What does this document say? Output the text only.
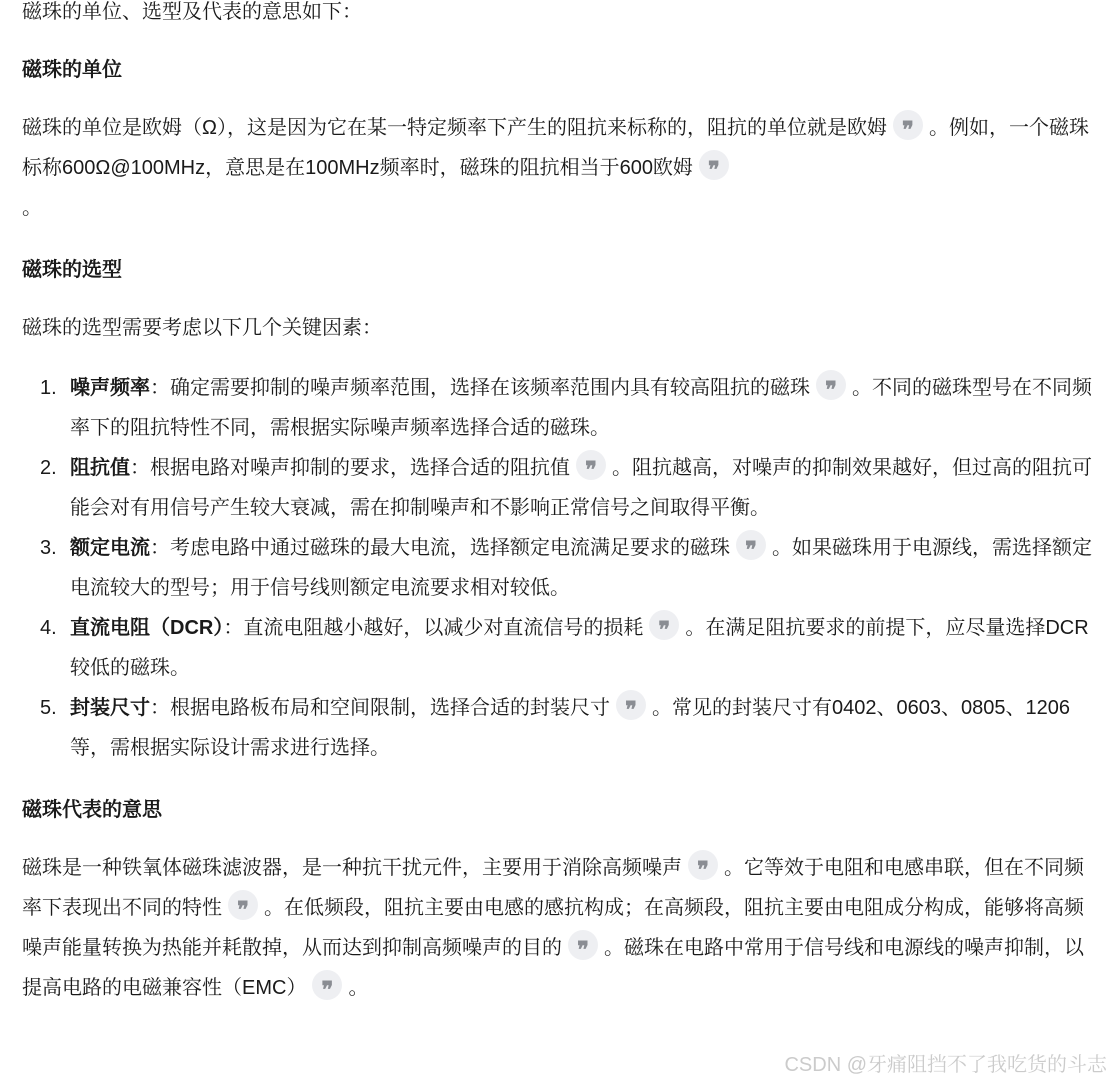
磁珠的单位、选型及代表的意思如下：

磁珠的单位

磁珠的单位是欧姆（Ω），这是因为它在某一特定频率下产生的阻抗来标称的，阻抗的单位就是欧姆 ❞ 。例如，一个磁珠标称600Ω@100MHz，意思是在100MHz频率时，磁珠的阻抗相当于600欧姆 ❞
。

磁珠的选型

磁珠的选型需要考虑以下几个关键因素：

1. 噪声频率：确定需要抑制的噪声频率范围，选择在该频率范围内具有较高阻抗的磁珠 ❞ 。不同的磁珠型号在不同频率下的阻抗特性不同，需根据实际噪声频率选择合适的磁珠。
2. 阻抗值：根据电路对噪声抑制的要求，选择合适的阻抗值 ❞ 。阻抗越高，对噪声的抑制效果越好，但过高的阻抗可能会对有用信号产生较大衰减，需在抑制噪声和不影响正常信号之间取得平衡。
3. 额定电流：考虑电路中通过磁珠的最大电流，选择额定电流满足要求的磁珠 ❞ 。如果磁珠用于电源线，需选择额定电流较大的型号；用于信号线则额定电流要求相对较低。
4. 直流电阻（DCR）：直流电阻越小越好，以减少对直流信号的损耗 ❞ 。在满足阻抗要求的前提下，应尽量选择DCR较低的磁珠。
5. 封装尺寸：根据电路板布局和空间限制，选择合适的封装尺寸 ❞ 。常见的封装尺寸有0402、0603、0805、1206等，需根据实际设计需求进行选择。
磁珠代表的意思

磁珠是一种铁氧体磁珠滤波器，是一种抗干扰元件，主要用于消除高频噪声 ❞ 。它等效于电阻和电感串联，但在不同频率下表现出不同的特性 ❞ 。在低频段，阻抗主要由电感的感抗构成；在高频段，阻抗主要由电阻成分构成，能够将高频噪声能量转换为热能并耗散掉，从而达到抑制高频噪声的目的 ❞ 。磁珠在电路中常用于信号线和电源线的噪声抑制，以提高电路的电磁兼容性（EMC） ❞ 。

CSDN @牙痛阻挡不了我吃货的斗志
